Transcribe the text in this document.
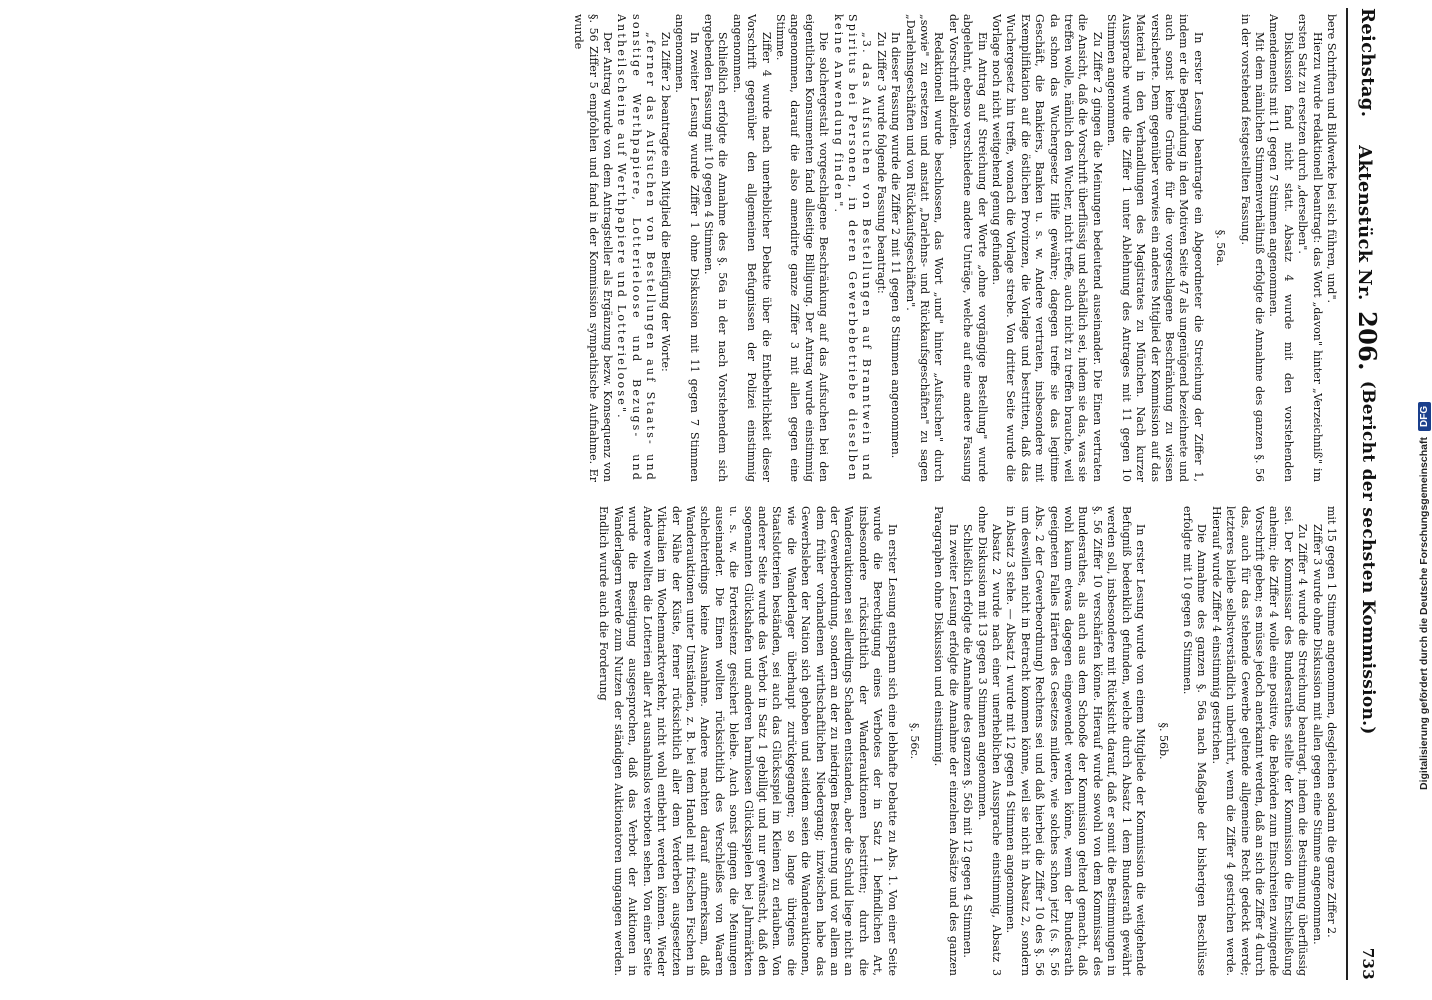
Reichstag.
Aktenstück Nr. 206.
(Bericht der sechsten Kommission.)
733

bere Schriften und Bildwerke bei sich führen, und".

Hierzu wurde redaktionell beantragt: das Wort „davon" hinter „Verzeichniß" im ersten Satz zu ersetzen durch „derselben".

Diskussion fand nicht statt. Absatz 4 wurde mit den vorstehenden Amendements mit 11 gegen 7 Stimmen angenommen.

Mit dem nämlichen Stimmenverhältniß erfolgte die Annahme des ganzen §. 56 in der vorstehend festgestellten Fassung.

§. 56a.

In erster Lesung beantragte ein Abgeordneter die Streichung der Ziffer 1, indem er die Begründung in den Motiven Seite 47 als ungenügend bezeichnete und auch sonst keine Gründe für die vorgeschlagene Beschränkung zu wissen versicherte. Dem gegenüber verwies ein anderes Mitglied der Kommission auf das Material in den Verhandlungen des Magistrates zu München. Nach kurzer Aussprache wurde die Ziffer 1 unter Ablehnung des Antrages mit 11 gegen 10 Stimmen angenommen.

Zu Ziffer 2 gingen die Meinungen bedeutend auseinander. Die Einen vertraten die Ansicht, daß die Vorschrift überflüssig und schädlich sei, indem sie das, was sie treffen wolle, nämlich den Wucher, nicht treffe, auch nicht zu treffen brauche, weil da schon das Wuchergesetz Hilfe gewähre; dagegen treffe sie das legitime Geschäft, die Bankiers, Banken u. s. w. Andere vertraten, insbesondere mit Exemplifikation auf die östlichen Provinzen, die Vorlage und bestritten, daß das Wuchergesetz hin treffe, wonach die Vorlage strebe. Von dritter Seite wurde die Vorlage noch nicht weitgehend genug gefunden.

Ein Antrag auf Streichung der Worte „ohne vorgängige Bestellung" wurde abgelehnt, ebenso verschiedene andere Unträge, welche auf eine andere Fassung der Vorschrift abzielten.

Redaktionell wurde beschlossen, das Wort „und" hinter „Aufsuchen" durch „sowie" zu ersetzen und anstatt „Darlehns- und Rückkaufsgeschäften" zu sagen „Darlehnsgeschäften und von Rückkaufsgeschäften".

In dieser Fassung wurde die Ziffer 2 mit 11 gegen 8 Stimmen angenommen.

Zu Ziffer 3 wurde folgende Fassung beantragt:

„3. das Aufsuchen von Bestellungen auf Branntwein und Spiritus bei Personen, in deren Gewerbebetriebe dieselben keine Anwendung finden".

Die solchergestalt vorgeschlagene Beschränkung auf das Aufsuchen bei den eigentlichen Konsumenten fand allseitige Billigung. Der Antrag wurde einstimmig angenommen, darauf die also amendirte ganze Ziffer 3 mit allen gegen eine Stimme.

Ziffer 4 wurde nach unerheblicher Debatte über die Entbehrlichkeit dieser Vorschrift gegenüber den allgemeinen Befugnissen der Polizei einstimmig angenommen.

Schließlich erfolgte die Annahme des §. 56a in der nach Vorstehendem sich ergebenden Fassung mit 10 gegen 4 Stimmen.

In zweiter Lesung wurde Ziffer 1 ohne Diskussion mit 11 gegen 7 Stimmen angenommen.

Zu Ziffer 2 beantragte ein Mitglied die Beifügung der Worte:

„ferner das Aufsuchen von Bestellungen auf Staats- und sonstige Werthpapiere, Lotterieloose und Bezugs- und Antheilscheine auf Werthpapiere und Lotterieloose".

Der Antrag wurde von dem Antragsteller als Ergänzung bezw. Konsequenz von §. 56 Ziffer 5 empfohlen und fand in der Kommission sympathische Aufnahme. Er wurde

mit 15 gegen 1 Stimme angenommen, desgleichen sodann die ganze Ziffer 2.

Ziffer 3 wurde ohne Diskussion mit allen gegen eine Stimme angenommen.

Zu Ziffer 4 wurde die Streichung beantragt, indem die Bestimmung überflüssig sei. Der Kommissar des Bundesrathes stellte der Kommission die Entschließung anheim; die Ziffer 4 wolle eine positive, die Behörden zum Einschreiten zwingende Vorschrift geben; es müsse jedoch anerkannt werden, daß an sich die Ziffer 4 durch das, auch für das stehende Gewerbe geltende allgemeine Recht gedeckt werde; letzteres bleibe selbstverständlich unberührt, wenn die Ziffer 4 gestrichen werde. Hierauf wurde Ziffer 4 einstimmig gestrichen.

Die Annahme des ganzen §. 56a nach Maßgabe der bisherigen Beschlüsse erfolgte mit 10 gegen 6 Stimmen.

§. 56b.

In erster Lesung wurde von einem Mitgliede der Kommission die weitgehende Befugniß bedenklich gefunden, welche durch Absatz 1 dem Bundesrath gewährt werden soll, insbesondere mit Rücksicht darauf, daß er somit die Bestimmungen in §. 56 Ziffer 10 verschärfen könne. Hierauf wurde sowohl von dem Kommissar des Bundesrathes, als auch aus dem Schooße der Kommission geltend gemacht, daß wohl kaum etwas dagegen eingewendet werden könne, wenn der Bundesrath geeigneten Falles Härten des Gesetzes mildere, wie solches schon jetzt (s. §. 56 Abs. 2 der Gewerbeordnung) Rechtens sei und daß hierbei die Ziffer 10 des §. 56 um deswillen nicht in Betracht kommen könne, weil sie nicht in Absatz 2, sondern in Absatz 3 stehe. — Absatz 1 wurde mit 12 gegen 4 Stimmen angenommen.

Absatz 2 wurde nach einer unerheblichen Aussprache einstimmig, Absatz 3 ohne Diskussion mit 13 gegen 3 Stimmen angenommen.

Schließlich erfolgte die Annahme des ganzen §. 56b mit 12 gegen 4 Stimmen.

In zweiter Lesung erfolgte die Annahme der einzelnen Absätze und des ganzen Paragraphen ohne Diskussion und einstimmig.

§. 56c.

In erster Lesung entspann sich eine lebhafte Debatte zu Abs. 1. Von einer Seite wurde die Berechtigung eines Verbotes der in Satz 1 befindlichen Art, insbesondere rücksichtlich der Wanderauktionen bestritten; durch die Wanderauktionen sei allerdings Schaden entstanden, aber die Schuld liege nicht an der Gewerbeordnung, sondern an der zu niedrigen Besteuerung und vor allem an dem früher vorhandenen wirthschaftlichen Niedergang; inzwischen habe das Gewerbsleben der Nation sich gehoben und seitdem seien die Wanderauktionen, wie die Wanderlager überhaupt zurückgegangen; so lange übrigens die Staatslotterien beständen, sei auch das Glücksspiel im Kleinen zu erlauben. Von anderer Seite wurde das Verbot in Satz 1 gebilligt und nur gewünscht, daß den sogenannten Glückshafen und anderen harmlosen Glücksspielen bei Jahrmärkten u. s. w. die Fortexistenz gesichert bleibe. Auch sonst gingen die Meinungen auseinander. Die Einen wollten rücksichtlich des Verschleißes von Waaren schlechterdings keine Ausnahme. Andere machten darauf aufmerksam, daß Wanderauktionen unter Umständen, z. B. bei dem Handel mit frischen Fischen in der Nähe der Küste, ferner rücksichtlich aller dem Verderben ausgesetzten Viktualien im Wochenmarktverkehr, nicht wohl entbehrt werden können. Wieder Andere wollten die Lotterien aller Art ausnahmslos verboten sehen. Von einer Seite wurde die Beseitigung ausgesprochen, daß das Verbot der Auktionen in Wanderlagern werde zum Nutzen der ständigen Auktionatoren umgangen werden. Endlich wurde auch die Forderung	Digitalisierung gefördert durch die Deutsche Forschungsgemeinschaft
DFG
